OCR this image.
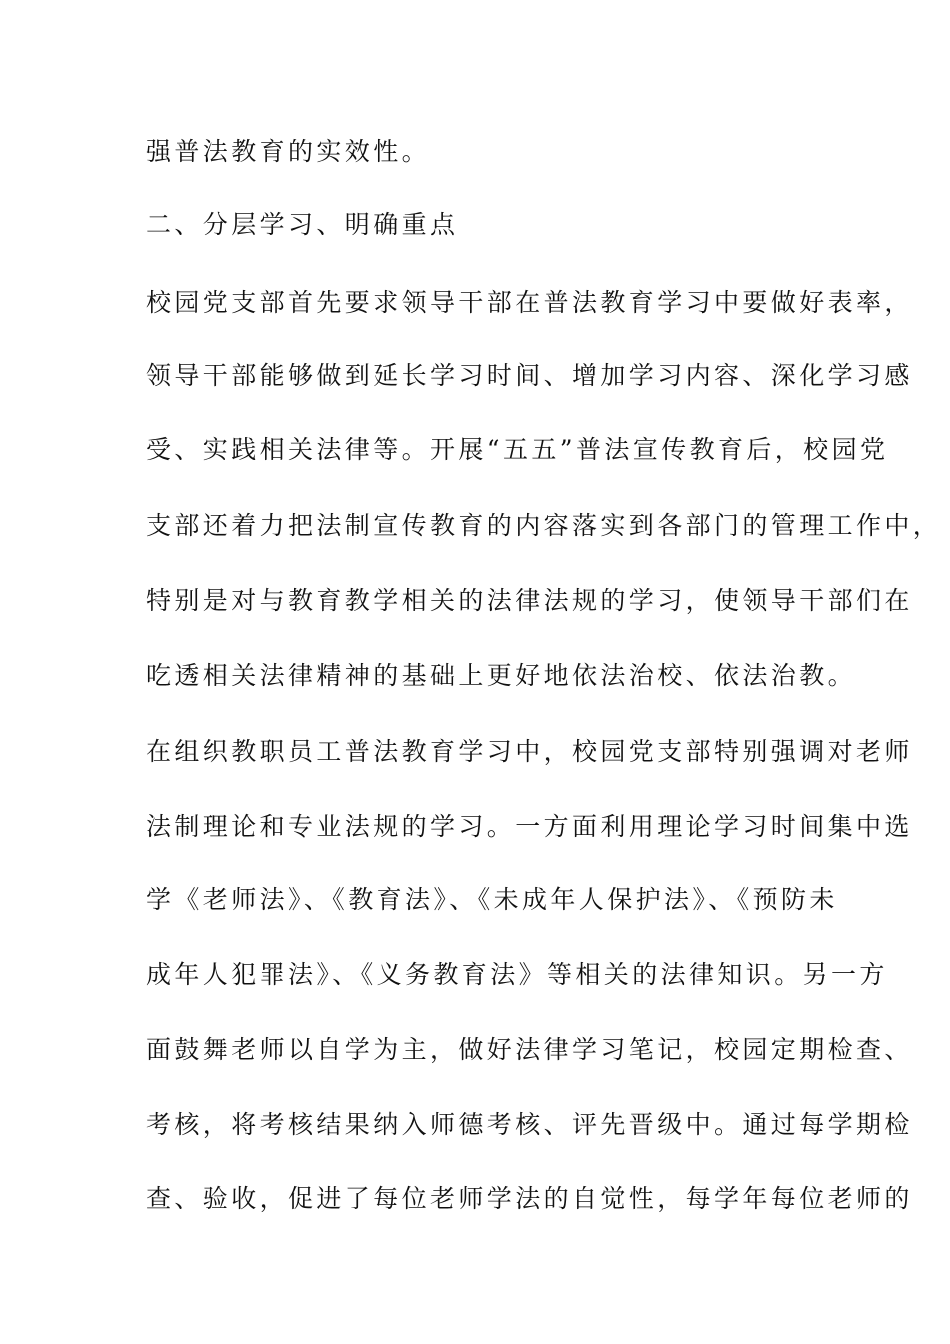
强普法教育的实效性。
二、分层学习、明确重点
校园党支部首先要求领导干部在普法教育学习中要做好表率，
领导干部能够做到延长学习时间、增加学习内容、深化学习感
受、实践相关法律等。开展“五五”普法宣传教育后，校园党
支部还着力把法制宣传教育的内容落实到各部门的管理工作中，
特别是对与教育教学相关的法律法规的学习，使领导干部们在
吃透相关法律精神的基础上更好地依法治校、依法治教。
在组织教职员工普法教育学习中，校园党支部特别强调对老师
法制理论和专业法规的学习。一方面利用理论学习时间集中选
学《老师法》、《教育法》、《未成年人保护法》、《预防未
成年人犯罪法》、《义务教育法》等相关的法律知识。另一方
面鼓舞老师以自学为主，做好法律学习笔记，校园定期检查、
考核，将考核结果纳入师德考核、评先晋级中。通过每学期检
查、验收，促进了每位老师学法的自觉性，每学年每位老师的
